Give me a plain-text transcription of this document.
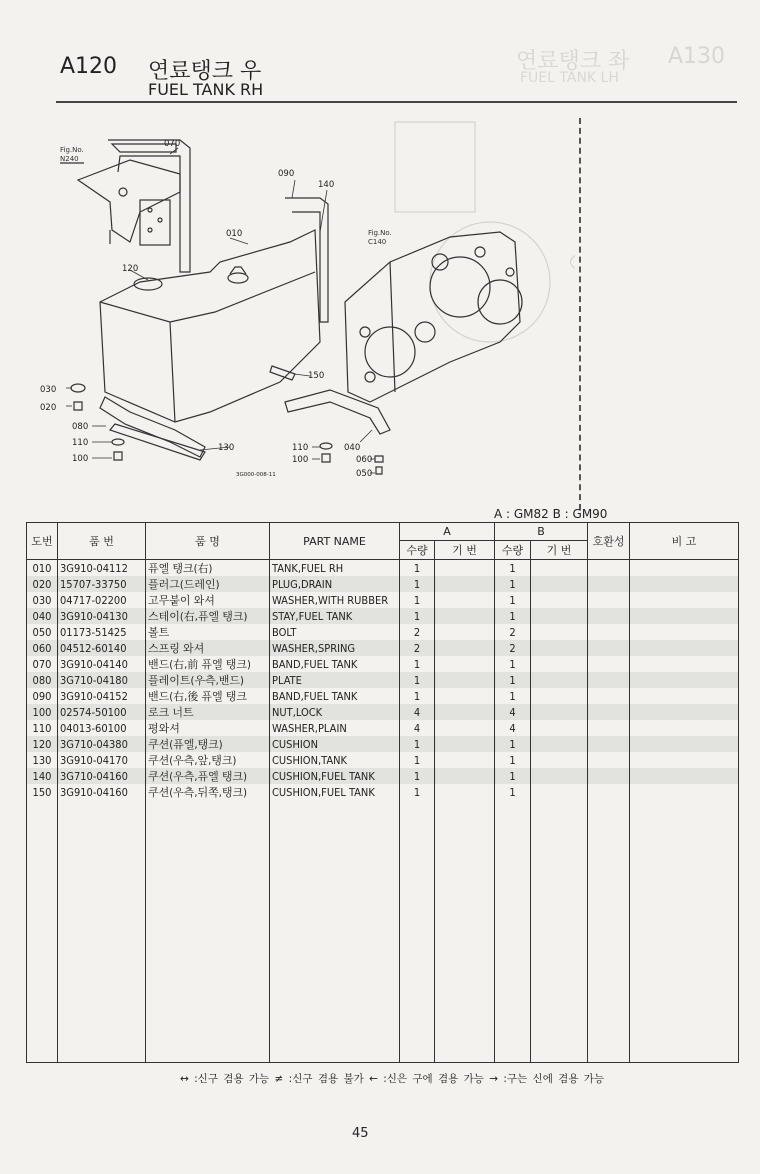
A130
연료탱크 좌
FUEL TANK LH
A120 연료탱크 우
FUEL TANK RH
Fig.No.
N240
Fig.No.
C140
070
090
140
010
120
030
020
080
110
100
130
150
110
100
040
060
050
3G000-008-11
A : GM82 B : GM90
도번	품 번	품 명	PART NAME	A		B		호환성	비 고
				수량	기 번	수량	기 번		
010	3G910-04112	퓨엘 탱크(右)	TANK,FUEL RH	1		1			
020	15707-33750	플러그(드레인)	PLUG,DRAIN	1		1			
030	04717-02200	고무붙이 와셔	WASHER,WITH RUBBER	1		1			
040	3G910-04130	스테이(右,퓨엘 탱크)	STAY,FUEL TANK	1		1			
050	01173-51425	볼트	BOLT	2		2			
060	04512-60140	스프링 와셔	WASHER,SPRING	2		2			
070	3G910-04140	밴드(右,前 퓨엘 탱크)	BAND,FUEL TANK	1		1			
080	3G710-04180	플레이트(우측,밴드)	PLATE	1		1			
090	3G910-04152	밴드(右,後 퓨엘 탱크	BAND,FUEL TANK	1		1			
100	02574-50100	로크 너트	NUT,LOCK	4		4			
110	04013-60100	평와셔	WASHER,PLAIN	4		4			
120	3G710-04380	쿠션(퓨엘,탱크)	CUSHION	1		1			
130	3G910-04170	쿠션(우측,앞,탱크)	CUSHION,TANK	1		1			
140	3G710-04160	쿠션(우측,퓨엘 탱크)	CUSHION,FUEL TANK	1		1			
150	3G910-04160	쿠션(우측,뒤쪽,탱크)	CUSHION,FUEL TANK	1		1			

↔ :신구 겸용 가능 ≠ :신구 겸용 불가 ← :신은 구에 겸용 가능 → :구는 신에 겸용 가능
45
